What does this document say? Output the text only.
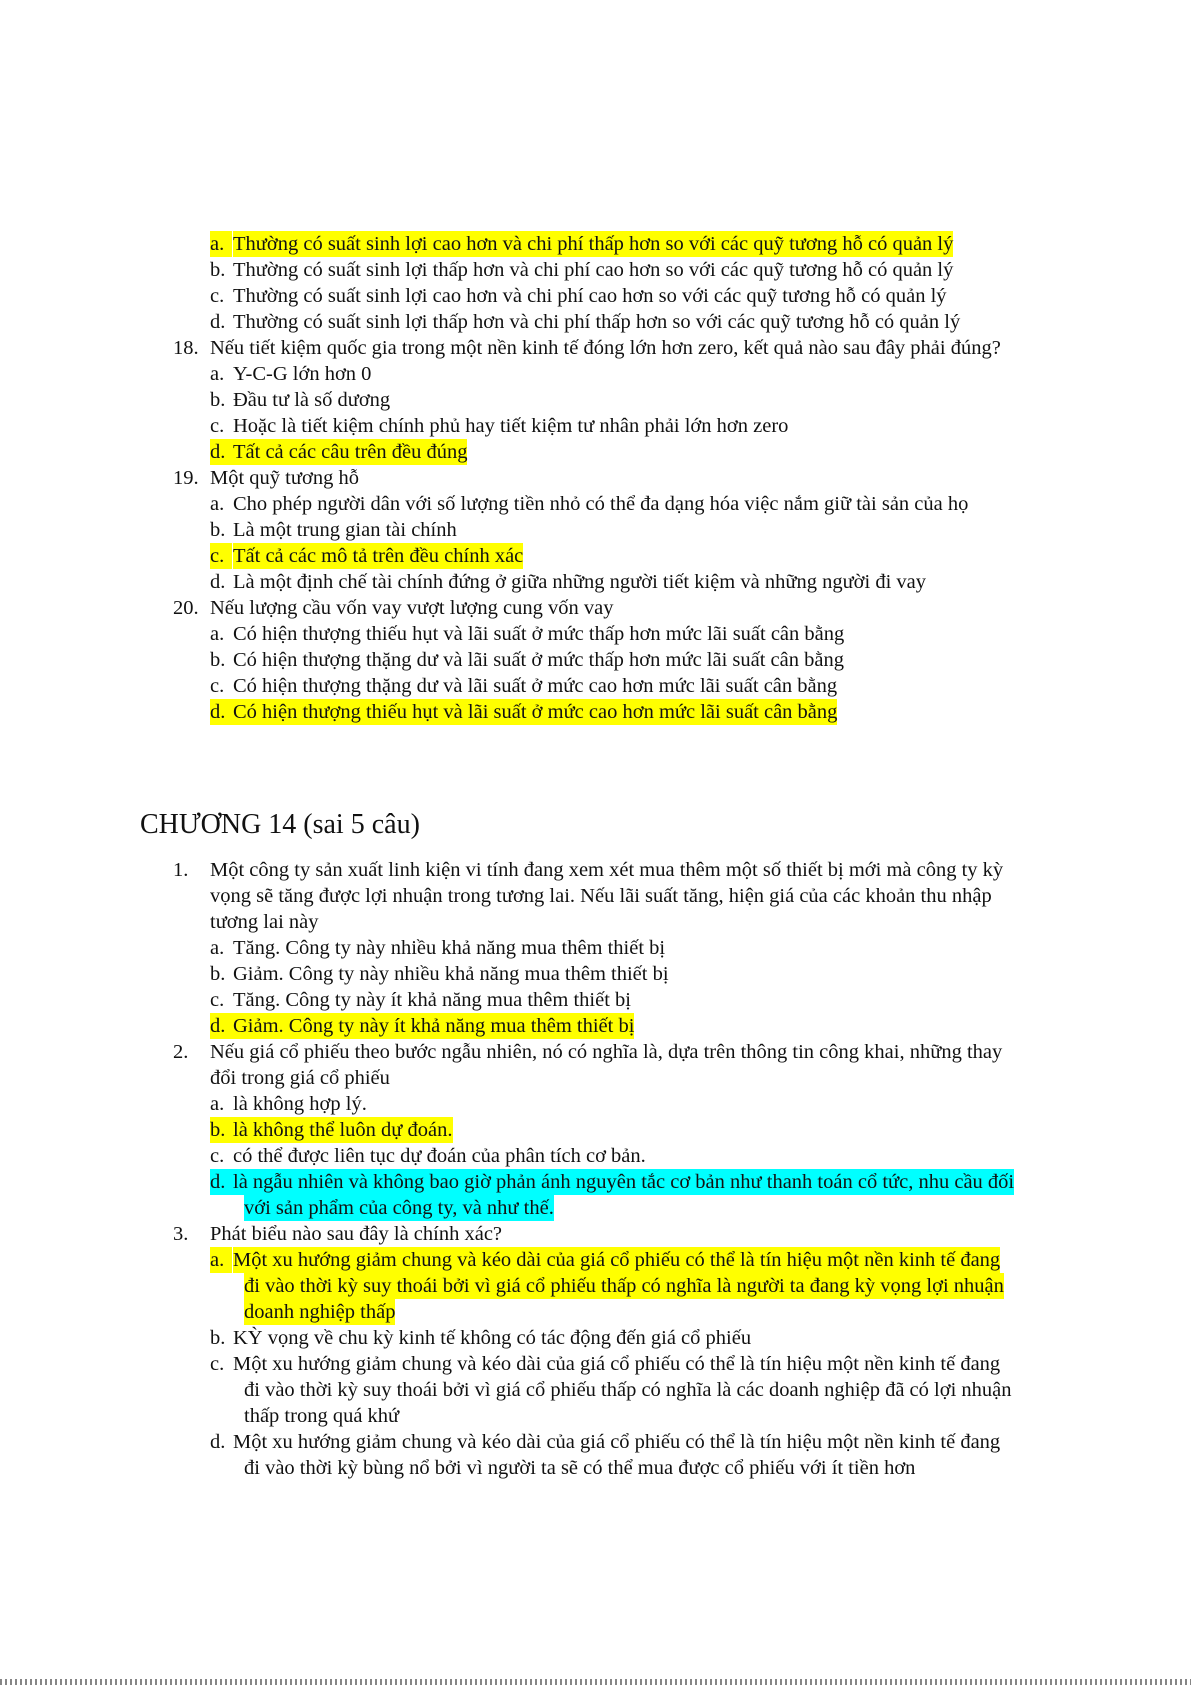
a. Thường có suất sinh lợi cao hơn và chi phí thấp hơn so với các quỹ tương hỗ có quản lý
b. Thường có suất sinh lợi thấp hơn và chi phí cao hơn so với các quỹ tương hỗ có quản lý
c. Thường có suất sinh lợi cao hơn và chi phí cao hơn so với các quỹ tương hỗ có quản lý
d. Thường có suất sinh lợi thấp hơn và chi phí thấp hơn so với các quỹ tương hỗ có quản lý
18. Nếu tiết kiệm quốc gia trong một nền kinh tế đóng lớn hơn zero, kết quả nào sau đây phải đúng?
a. Y-C-G lớn hơn 0
b. Đầu tư là số dương
c. Hoặc là tiết kiệm chính phủ hay tiết kiệm tư nhân phải lớn hơn zero
d. Tất cả các câu trên đều đúng
19. Một quỹ tương hỗ
a. Cho phép người dân với số lượng tiền nhỏ có thể đa dạng hóa việc nắm giữ tài sản của họ
b. Là một trung gian tài chính
c. Tất cả các mô tả trên đều chính xác
d. Là một định chế tài chính đứng ở giữa những người tiết kiệm và những người đi vay
20. Nếu lượng cầu vốn vay vượt lượng cung vốn vay
a. Có hiện thượng thiếu hụt và lãi suất ở mức thấp hơn mức lãi suất cân bằng
b. Có hiện thượng thặng dư và lãi suất ở mức thấp hơn mức lãi suất cân bằng
c. Có hiện thượng thặng dư và lãi suất ở mức cao hơn mức lãi suất cân bằng
d. Có hiện thượng thiếu hụt và lãi suất ở mức cao hơn mức lãi suất cân bằng
CHƯƠNG 14 (sai 5 câu)
1. Một công ty sản xuất linh kiện vi tính đang xem xét mua thêm một số thiết bị mới mà công ty kỳ
vọng sẽ tăng được lợi nhuận trong tương lai. Nếu lãi suất tăng, hiện giá của các khoản thu nhập
tương lai này
a. Tăng. Công ty này nhiều khả năng mua thêm thiết bị
b. Giảm. Công ty này nhiều khả năng mua thêm thiết bị
c. Tăng. Công ty này ít khả năng mua thêm thiết bị
d. Giảm. Công ty này ít khả năng mua thêm thiết bị
2. Nếu giá cổ phiếu theo bước ngẫu nhiên, nó có nghĩa là, dựa trên thông tin công khai, những thay
đổi trong giá cổ phiếu
a. là không hợp lý.
b. là không thể luôn dự đoán.
c. có thể được liên tục dự đoán của phân tích cơ bản.
d. là ngẫu nhiên và không bao giờ phản ánh nguyên tắc cơ bản như thanh toán cổ tức, nhu cầu đối
với sản phẩm của công ty, và như thế.
3. Phát biểu nào sau đây là chính xác?
a. Một xu hướng giảm chung và kéo dài của giá cổ phiếu có thể là tín hiệu một nền kinh tế đang
đi vào thời kỳ suy thoái bởi vì giá cổ phiếu thấp có nghĩa là người ta đang kỳ vọng lợi nhuận
doanh nghiệp thấp
b. KỲ vọng về chu kỳ kinh tế không có tác động đến giá cổ phiếu
c. Một xu hướng giảm chung và kéo dài của giá cổ phiếu có thể là tín hiệu một nền kinh tế đang
đi vào thời kỳ suy thoái bởi vì giá cổ phiếu thấp có nghĩa là các doanh nghiệp đã có lợi nhuận
thấp trong quá khứ
d. Một xu hướng giảm chung và kéo dài của giá cổ phiếu có thể là tín hiệu một nền kinh tế đang
đi vào thời kỳ bùng nổ bởi vì người ta sẽ có thể mua được cổ phiếu với ít tiền hơn
